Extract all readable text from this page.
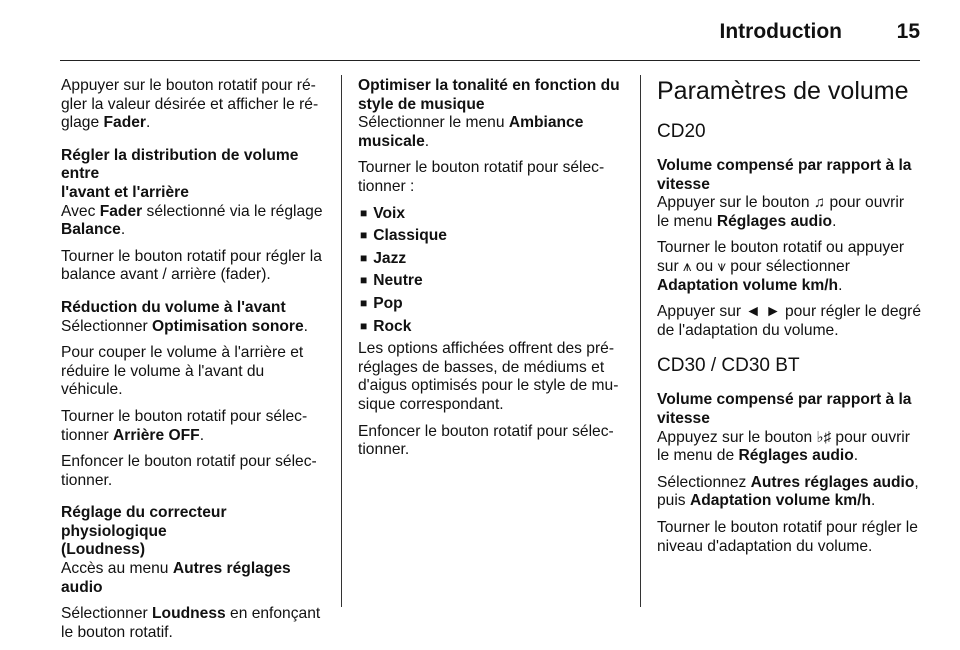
Introduction	15

Appuyer sur le bouton rotatif pour ré-
gler la valeur désirée et afficher le ré-
glage Fader.

Régler la distribution de volume entre
l'avant et l'arrière

Avec Fader sélectionné via le réglage
Balance.

Tourner le bouton rotatif pour régler la
balance avant / arrière (fader).

Réduction du volume à l'avant

Sélectionner Optimisation sonore.

Pour couper le volume à l'arrière et
réduire le volume à l'avant du
véhicule.

Tourner le bouton rotatif pour sélec-
tionner Arrière OFF.

Enfoncer le bouton rotatif pour sélec-
tionner.

Réglage du correcteur physiologique
(Loudness)

Accès au menu Autres réglages
audio

Sélectionner Loudness en enfonçant
le bouton rotatif.

Optimiser la tonalité en fonction du
style de musique

Sélectionner le menu Ambiance
musicale.

Tourner le bouton rotatif pour sélec-
tionner :

■ Voix

■ Classique

■ Jazz

■ Neutre

■ Pop

■ Rock

Les options affichées offrent des pré-
réglages de basses, de médiums et
d'aigus optimisés pour le style de mu-
sique correspondant.

Enfoncer le bouton rotatif pour sélec-
tionner.

Paramètres de volume

CD20

Volume compensé par rapport à la
vitesse

Appuyer sur le bouton ♫ pour ouvrir
le menu Réglages audio.

Tourner le bouton rotatif ou appuyer
sur ⩚ ou ⩛ pour sélectionner
Adaptation volume km/h.

Appuyer sur ◄ ► pour régler le degré
de l'adaptation du volume.

CD30 / CD30 BT

Volume compensé par rapport à la
vitesse

Appuyez sur le bouton ♭♯ pour ouvrir
le menu de Réglages audio.

Sélectionnez Autres réglages audio,
puis Adaptation volume km/h.

Tourner le bouton rotatif pour régler le
niveau d'adaptation du volume.
